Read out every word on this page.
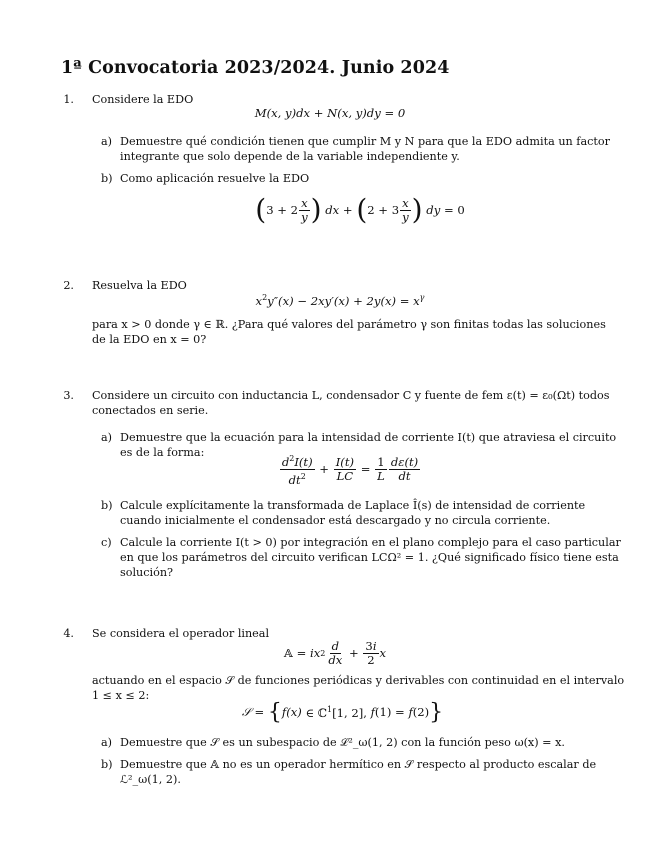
1ª Convocatoria 2023/2024. Junio 2024
1. Considere la EDO
M(x, y)dx + N(x, y)dy = 0
a) Demuestre qué condición tienen que cumplir M y N para que la EDO admita un factor
integrante que solo depende de la variable independiente y.
b) Como aplicación resuelve la EDO
( $3 + 2 \frac{x}{y}$ ) dx + ( $2 + 3 \frac{x}{y}$ ) dy = 0
2. Resuelva la EDO
$x^2y''(x) - 2xy'(x) + 2y(x) = x^\gamma$
para x > 0 donde γ ∈ ℝ. ¿Para qué valores del parámetro γ son finitas todas las soluciones
de la EDO en x = 0?
3. Considere un circuito con inductancia L, condensador C y fuente de fem ε(t) = ε₀(Ωt) todos
conectados en serie.
a) Demuestre que la ecuación para la intensidad de corriente I(t) que atraviesa el circuito
es de la forma:	$\frac{d^2I(t)}{dt^2} + \frac{I(t)}{LC} = \frac{1}{L} \frac{d\varepsilon(t)}{dt}$
b) Calcule explícitamente la transformada de Laplace Î(s) de intensidad de corriente
cuando inicialmente el condensador está descargado y no circula corriente.
c) Calcule la corriente I(t > 0) por integración en el plano complejo para el caso particular
en que los parámetros del circuito verifican LCΩ² = 1. ¿Qué significado físico tiene esta
solución?
4. Se considera el operador lineal
𝔸 = ix $2 \frac{d}{dx} + \frac{3i}{2}$ x
actuando en el espacio 𝒮 de funciones periódicas y derivables con continuidad en el intervalo
1 ≤ x ≤ 2:
𝒮 = { f(x) ∈ ℂ$^1$[1, 2], f (1) = f (2) }
a) Demuestre que 𝒮 es un subespacio de ℒ²_ω(1, 2) con la función peso ω(x) = x.
b) Demuestre que 𝔸 no es un operador hermítico en 𝒮 respecto al producto escalar de
ℒ²_ω(1, 2).
